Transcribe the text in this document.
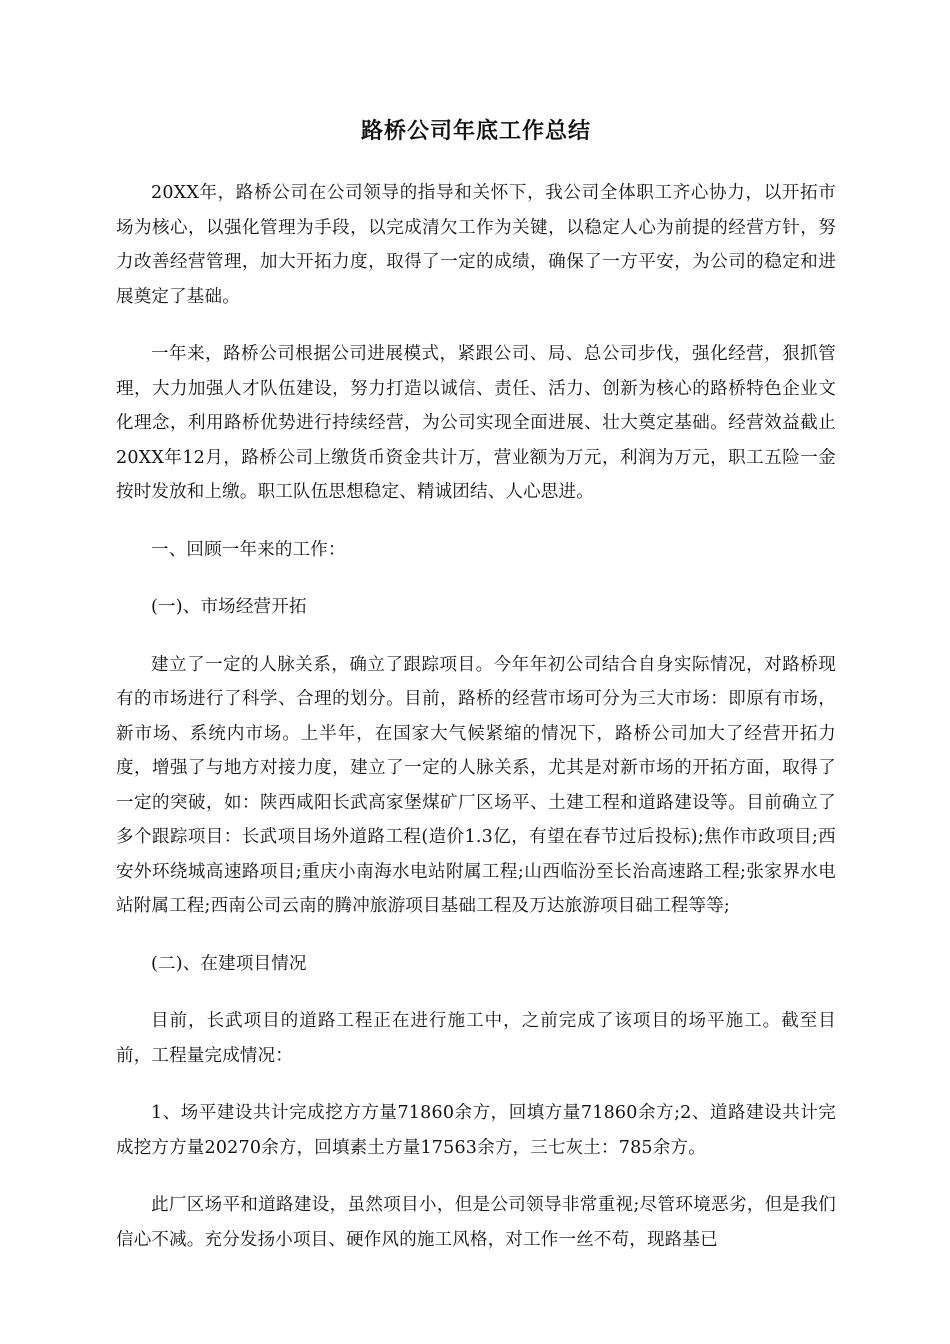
路桥公司年底工作总结

20XX年，路桥公司在公司领导的指导和关怀下，我公司全体职工齐心协力，以开拓市场为核心，以强化管理为手段，以完成清欠工作为关键，以稳定人心为前提的经营方针，努力改善经营管理，加大开拓力度，取得了一定的成绩，确保了一方平安，为公司的稳定和进展奠定了基础。

一年来，路桥公司根据公司进展模式，紧跟公司、局、总公司步伐，强化经营，狠抓管理，大力加强人才队伍建设，努力打造以诚信、责任、活力、创新为核心的路桥特色企业文化理念，利用路桥优势进行持续经营，为公司实现全面进展、壮大奠定基础。经营效益截止20XX年12月，路桥公司上缴货币资金共计万，营业额为万元，利润为万元，职工五险一金按时发放和上缴。职工队伍思想稳定、精诚团结、人心思进。

一、回顾一年来的工作：

(一)、市场经营开拓

建立了一定的人脉关系，确立了跟踪项目。今年年初公司结合自身实际情况，对路桥现有的市场进行了科学、合理的划分。目前，路桥的经营市场可分为三大市场：即原有市场，新市场、系统内市场。上半年，在国家大气候紧缩的情况下，路桥公司加大了经营开拓力度，增强了与地方对接力度，建立了一定的人脉关系，尤其是对新市场的开拓方面，取得了一定的突破，如：陕西咸阳长武高家堡煤矿厂区场平、土建工程和道路建设等。目前确立了多个跟踪项目：长武项目场外道路工程(造价1.3亿，有望在春节过后投标);焦作市政项目;西安外环绕城高速路项目;重庆小南海水电站附属工程;山西临汾至长治高速路工程;张家界水电站附属工程;西南公司云南的腾冲旅游项目基础工程及万达旅游项目础工程等等;

(二)、在建项目情况

目前，长武项目的道路工程正在进行施工中，之前完成了该项目的场平施工。截至目前，工程量完成情况：

1、场平建设共计完成挖方方量71860余方，回填方量71860余方;2、道路建设共计完成挖方方量20270余方，回填素土方量17563余方，三七灰土：785余方。

此厂区场平和道路建设，虽然项目小，但是公司领导非常重视;尽管环境恶劣，但是我们信心不减。充分发扬小项目、硬作风的施工风格，对工作一丝不苟，现路基已
